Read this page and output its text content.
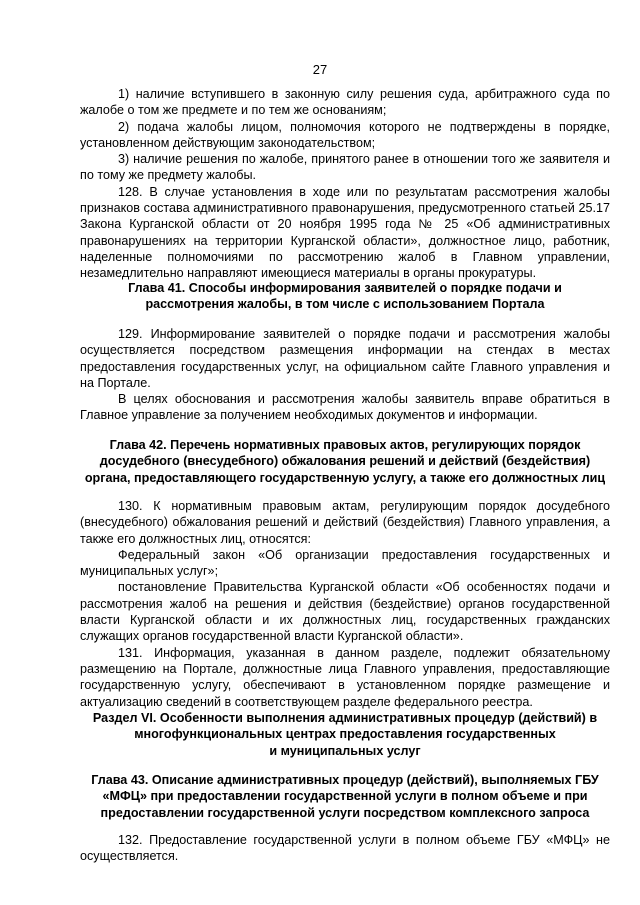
27

1) наличие вступившего в законную силу решения суда, арбитражного суда по жалобе о том же предмете и по тем же основаниям;

2) подача жалобы лицом, полномочия которого не подтверждены в порядке, установленном действующим законодательством;

3) наличие решения по жалобе, принятого ранее в отношении того же заявителя и по тому же предмету жалобы.

128. В случае установления в ходе или по результатам рассмотрения жалобы признаков состава административного правонарушения, предусмотренного статьей 25.17 Закона Курганской области от 20 ноября 1995 года № 25 «Об административных правонарушениях на территории Курганской области», должностное лицо, работник, наделенные полномочиями по рассмотрению жалоб в Главном управлении, незамедлительно направляют имеющиеся материалы в органы прокуратуры.

Глава 41. Способы информирования заявителей о порядке подачи и
рассмотрения жалобы, в том числе с использованием Портала

129. Информирование заявителей о порядке подачи и рассмотрения жалобы осуществляется посредством размещения информации на стендах в местах предоставления государственных услуг, на официальном сайте Главного управления и на Портале.

В целях обоснования и рассмотрения жалобы заявитель вправе обратиться в Главное управление за получением необходимых документов и информации.

Глава 42. Перечень нормативных правовых актов, регулирующих порядок
досудебного (внесудебного) обжалования решений и действий (бездействия)
органа, предоставляющего государственную услугу, а также его должностных лиц

130. К нормативным правовым актам, регулирующим порядок досудебного (внесудебного) обжалования решений и действий (бездействия) Главного управления, а также его должностных лиц, относятся:

Федеральный закон «Об организации предоставления государственных и муниципальных услуг»;

постановление Правительства Курганской области «Об особенностях подачи и рассмотрения жалоб на решения и действия (бездействие) органов государственной власти Курганской области и их должностных лиц, государственных гражданских служащих органов государственной власти Курганской области».

131. Информация, указанная в данном разделе, подлежит обязательному размещению на Портале, должностные лица Главного управления, предоставляющие государственную услугу, обеспечивают в установленном порядке размещение и актуализацию сведений в соответствующем разделе федерального реестра.

Раздел VI. Особенности выполнения административных процедур (действий) в
многофункциональных центрах предоставления государственных
и муниципальных услуг
Глава 43. Описание административных процедур (действий), выполняемых ГБУ
«МФЦ» при предоставлении государственной услуги в полном объеме и при
предоставлении государственной услуги посредством комплексного запроса

132. Предоставление государственной услуги в полном объеме ГБУ «МФЦ» не осуществляется.
